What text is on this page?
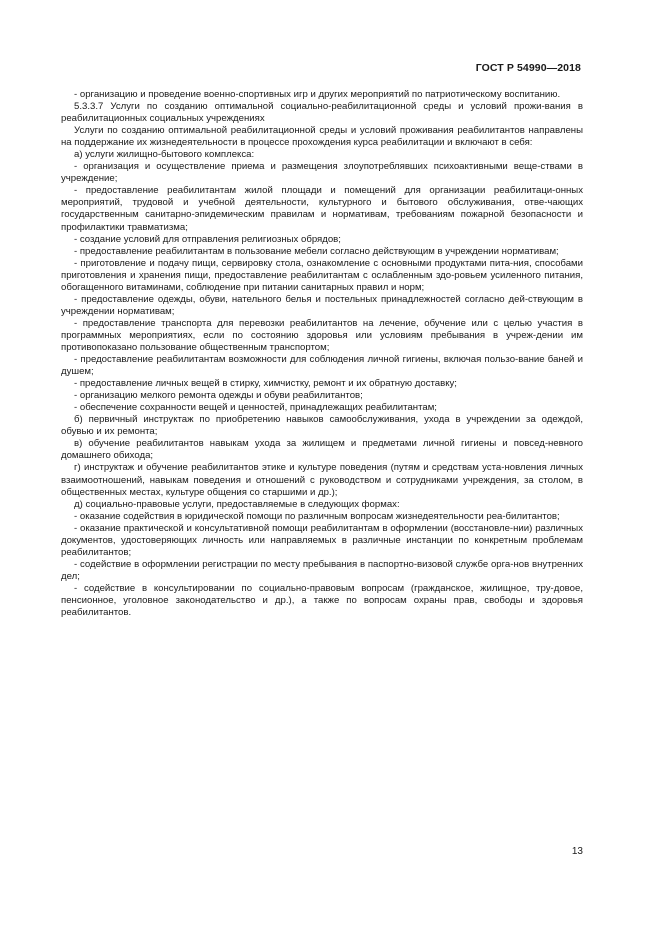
ГОСТ Р 54990—2018

- организацию и проведение военно-спортивных игр и других мероприятий по патриотическому воспитанию.

5.3.3.7 Услуги по созданию оптимальной социально-реабилитационной среды и условий прожи-вания в реабилитационных социальных учреждениях

Услуги по созданию оптимальной реабилитационной среды и условий проживания реабилитантов направлены на поддержание их жизнедеятельности в процессе прохождения курса реабилитации и включают в себя:

а) услуги жилищно-бытового комплекса:

- организация и осуществление приема и размещения злоупотреблявших психоактивными веще-ствами в учреждение;

- предоставление реабилитантам жилой площади и помещений для организации реабилитаци-онных мероприятий, трудовой и учебной деятельности, культурного и бытового обслуживания, отве-чающих государственным санитарно-эпидемическим правилам и нормативам, требованиям пожарной безопасности и профилактики травматизма;

- создание условий для отправления религиозных обрядов;

- предоставление реабилитантам в пользование мебели согласно действующим в учреждении нормативам;

- приготовление и подачу пищи, сервировку стола, ознакомление с основными продуктами пита-ния, способами приготовления и хранения пищи, предоставление реабилитантам с ослабленным здо-ровьем усиленного питания, обогащенного витаминами, соблюдение при питании санитарных правил и норм;

- предоставление одежды, обуви, нательного белья и постельных принадлежностей согласно дей-ствующим в учреждении нормативам;

- предоставление транспорта для перевозки реабилитантов на лечение, обучение или с целью участия в программных мероприятиях, если по состоянию здоровья или условиям пребывания в учреж-дении им противопоказано пользование общественным транспортом;

- предоставление реабилитантам возможности для соблюдения личной гигиены, включая пользо-вание баней и душем;

- предоставление личных вещей в стирку, химчистку, ремонт и их обратную доставку;

- организацию мелкого ремонта одежды и обуви реабилитантов;

- обеспечение сохранности вещей и ценностей, принадлежащих реабилитантам;

б) первичный инструктаж по приобретению навыков самообслуживания, ухода в учреждении за одеждой, обувью и их ремонта;

в) обучение реабилитантов навыкам ухода за жилищем и предметами личной гигиены и повсед-невного домашнего обихода;

г) инструктаж и обучение реабилитантов этике и культуре поведения (путям и средствам уста-новления личных взаимоотношений, навыкам поведения и отношений с руководством и сотрудниками учреждения, за столом, в общественных местах, культуре общения со старшими и др.);

д) социально-правовые услуги, предоставляемые в следующих формах:

- оказание содействия в юридической помощи по различным вопросам жизнедеятельности реа-билитантов;

- оказание практической и консультативной помощи реабилитантам в оформлении (восстановле-нии) различных документов, удостоверяющих личность или направляемых в различные инстанции по конкретным проблемам реабилитантов;

- содействие в оформлении регистрации по месту пребывания в паспортно-визовой службе орга-нов внутренних дел;

- содействие в консультировании по социально-правовым вопросам (гражданское, жилищное, тру-довое, пенсионное, уголовное законодательство и др.), а также по вопросам охраны прав, свободы и здоровья реабилитантов.

13
